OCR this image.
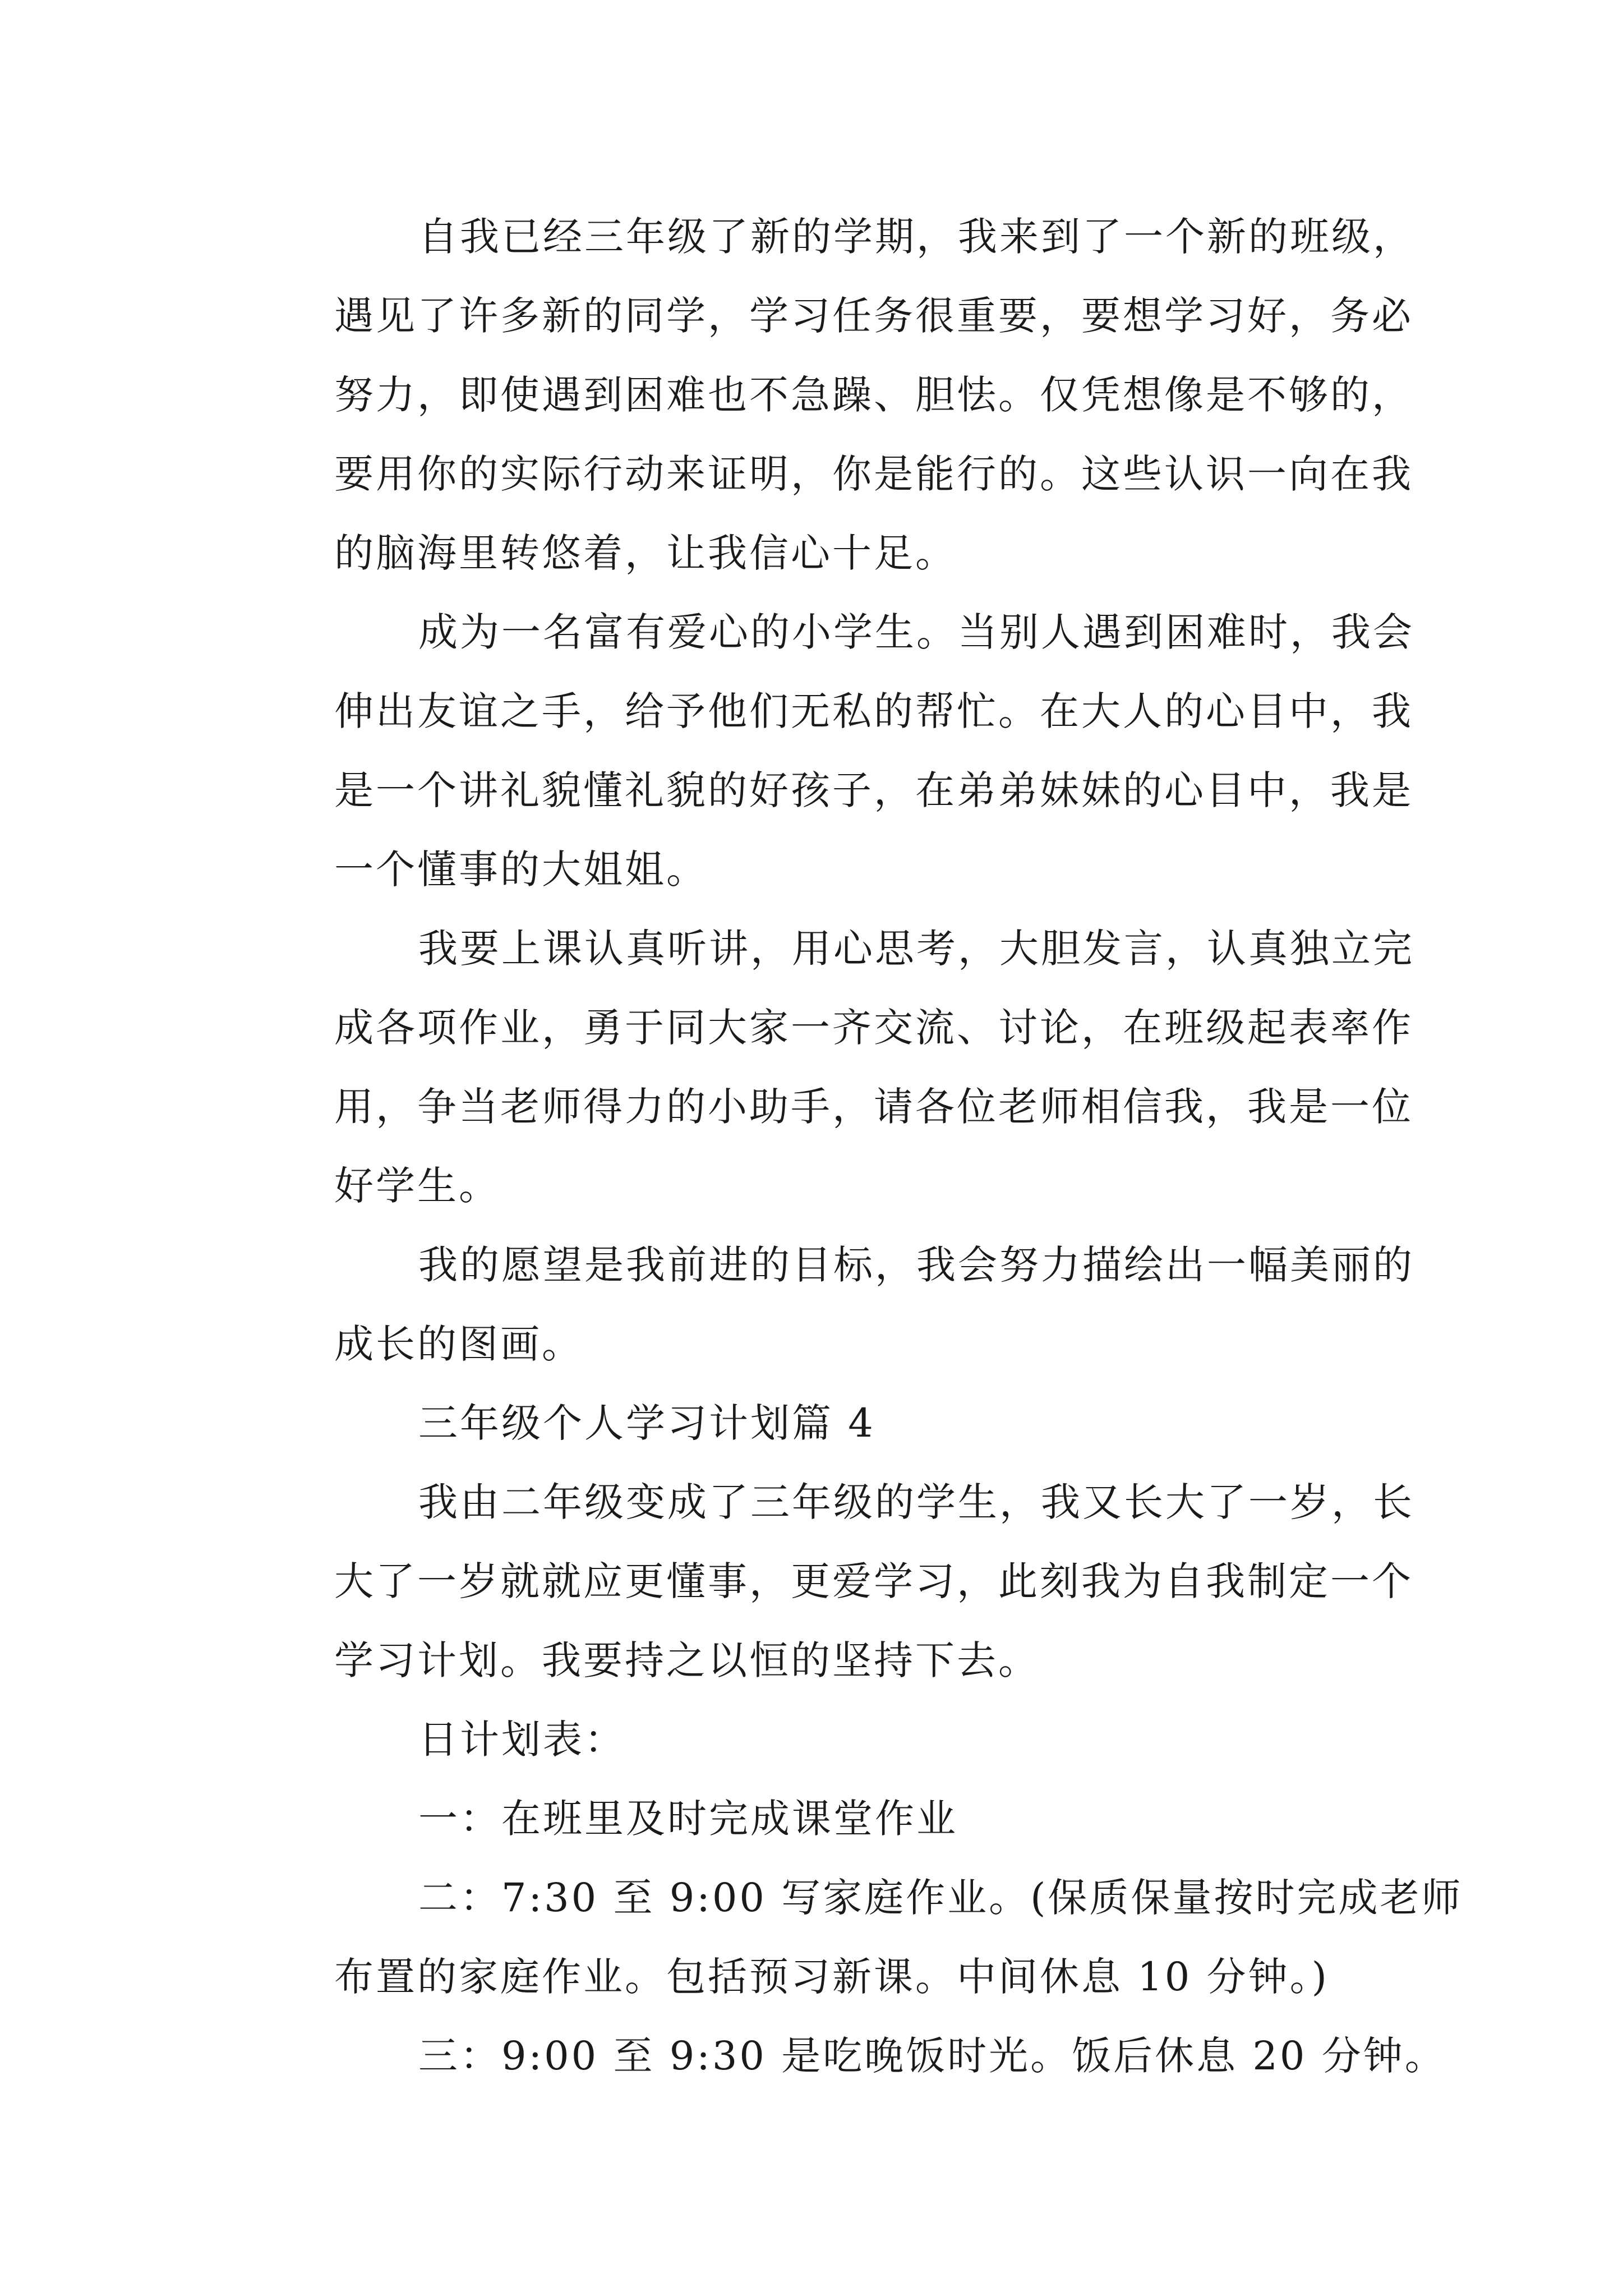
自我已经三年级了新的学期，我来到了一个新的班级，
遇见了许多新的同学，学习任务很重要，要想学习好，务必
努力，即使遇到困难也不急躁、胆怯。仅凭想像是不够的，
要用你的实际行动来证明，你是能行的。这些认识一向在我
的脑海里转悠着，让我信心十足。
成为一名富有爱心的小学生。当别人遇到困难时，我会
伸出友谊之手，给予他们无私的帮忙。在大人的心目中，我
是一个讲礼貌懂礼貌的好孩子，在弟弟妹妹的心目中，我是
一个懂事的大姐姐。
我要上课认真听讲，用心思考，大胆发言，认真独立完
成各项作业，勇于同大家一齐交流、讨论，在班级起表率作
用，争当老师得力的小助手，请各位老师相信我，我是一位
好学生。
我的愿望是我前进的目标，我会努力描绘出一幅美丽的
成长的图画。
三年级个人学习计划篇 4
我由二年级变成了三年级的学生，我又长大了一岁，长
大了一岁就就应更懂事，更爱学习，此刻我为自我制定一个
学习计划。我要持之以恒的坚持下去。
日计划表：
一：在班里及时完成课堂作业
二：7:30 至 9:00 写家庭作业。(保质保量按时完成老师
布置的家庭作业。包括预习新课。中间休息 10 分钟。)
三：9:00 至 9:30 是吃晚饭时光。饭后休息 20 分钟。
